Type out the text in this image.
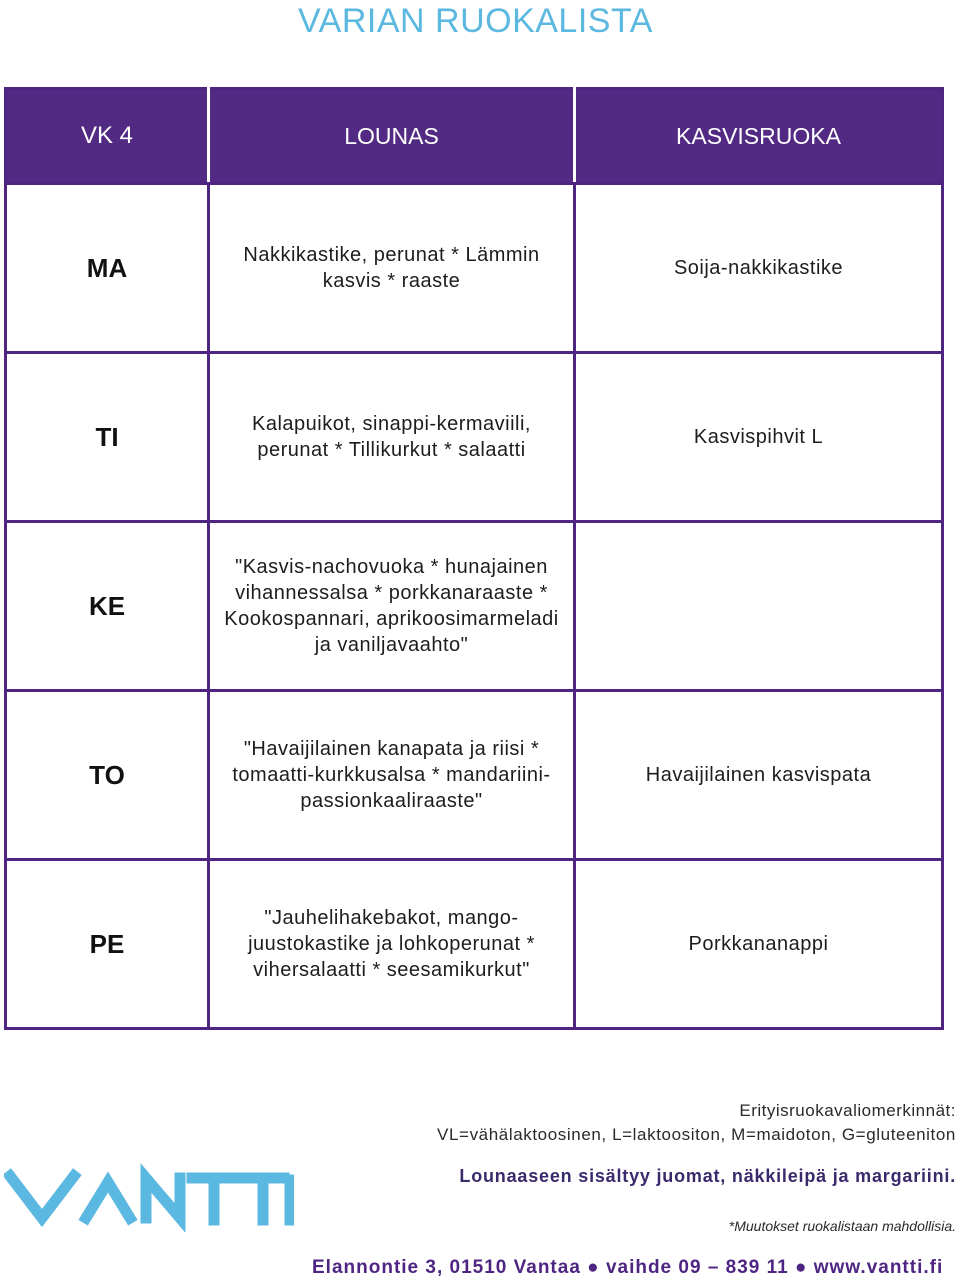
VARIAN RUOKALISTA
VK 4	LOUNAS	KASVISRUOKA
MA	Nakkikastike, perunat * Lämmin kasvis * raaste	Soija-nakkikastike
TI	Kalapuikot, sinappi-kermaviili, perunat * Tillikurkut * salaatti	Kasvispihvit L
KE	"Kasvis-nachovuoka * hunajainen vihannessalsa * porkkanaraaste * Kookospannari, aprikoosimarmeladi ja vaniljavaahto"	
TO	"Havaijilainen kanapata ja riisi * tomaatti-kurkkusalsa * mandariini-passionkaaliraaste"	Havaijilainen kasvispata
PE	"Jauhelihakebakot, mango-juustokastike ja lohkoperunat * vihersalaatti * seesamikurkut"	Porkkananappi
Erityisruokavaliomerkinnät:
VL=vähälaktoosinen, L=laktoositon, M=maidoton, G=gluteeniton
Lounaaseen sisältyy juomat, näkkileipä ja margariini.
*Muutokset ruokalistaan mahdollisia.
Elannontie 3, 01510 Vantaa ● vaihde 09 – 839 11 ● www.vantti.fi
